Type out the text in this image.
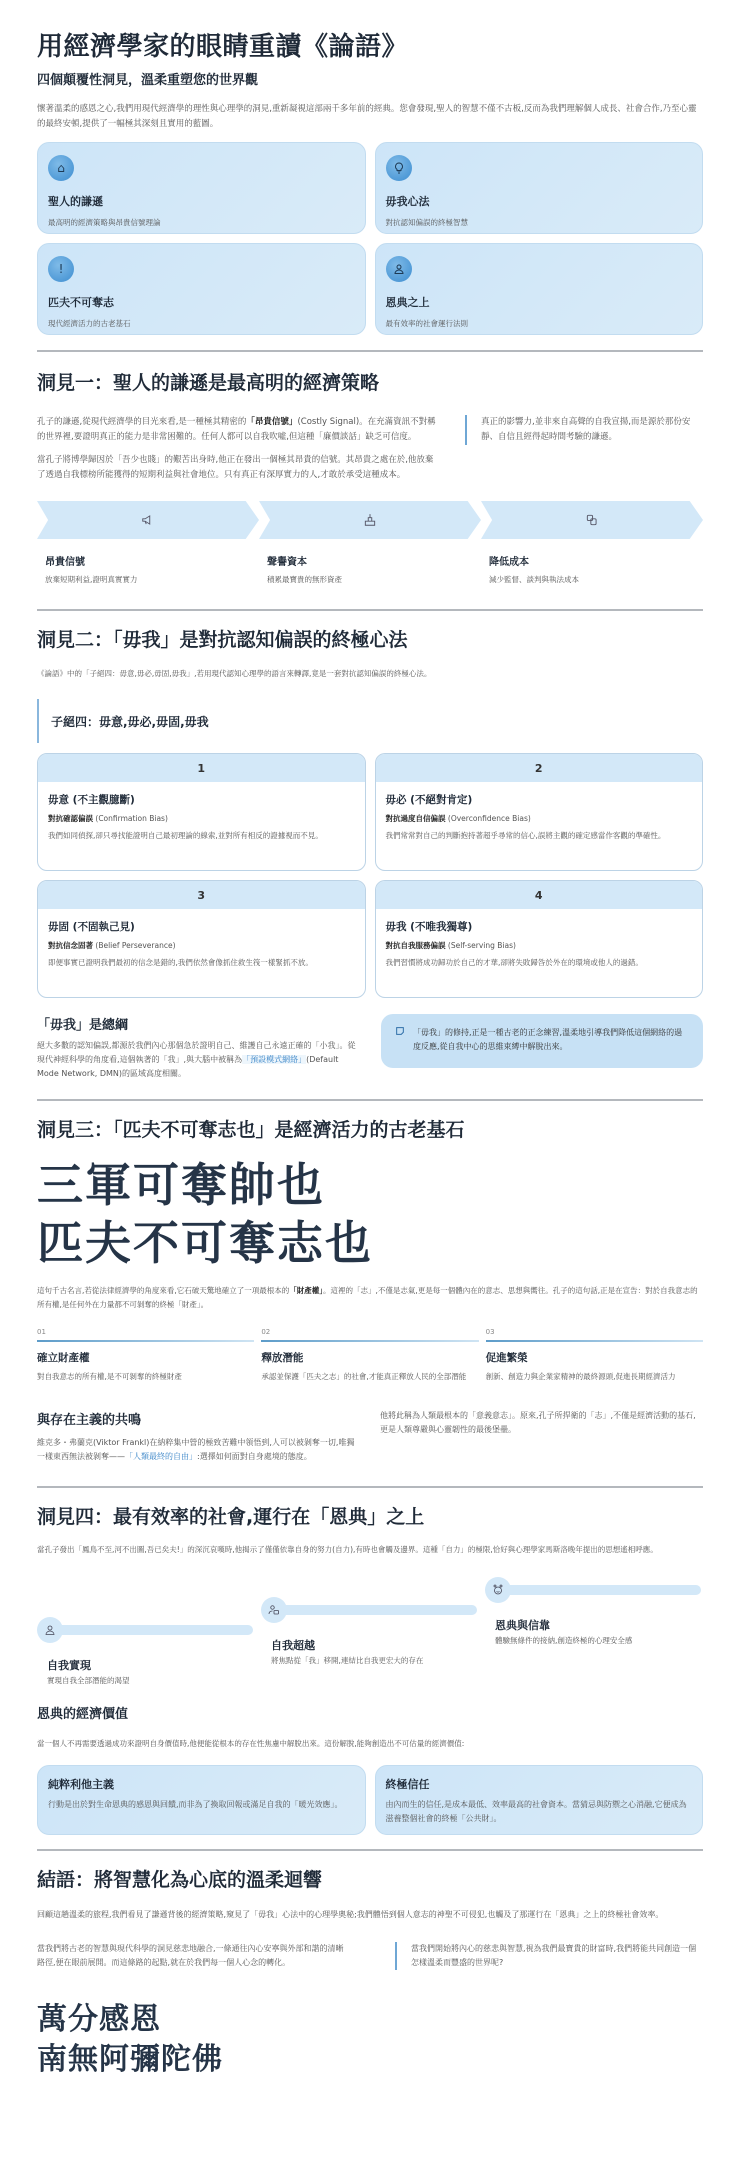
用經濟學家的眼睛重讀《論語》
四個顛覆性洞見，溫柔重塑您的世界觀

懷著溫柔的感恩之心,我們用現代經濟學的理性與心理學的洞見,重新凝視這部兩千多年前的經典。您會發現,聖人的智慧不僅不古板,反而為我們理解個人成長、社會合作,乃至心靈的最終安頓,提供了一幅極其深刻且實用的藍圖。

⌂
聖人的謙遜
最高明的經濟策略與昂貴信號理論
毋我心法
對抗認知偏誤的終極智慧
!
匹夫不可奪志
現代經濟活力的古老基石
恩典之上
最有效率的社會運行法則
洞見一：聖人的謙遜是最高明的經濟策略

孔子的謙遜,從現代經濟學的目光來看,是一種極其精密的「昂貴信號」(Costly Signal)。在充滿資訊不對稱的世界裡,要證明真正的能力是非常困難的。任何人都可以自我吹噓,但這種「廉價談話」缺乏可信度。

當孔子將博學歸因於「吾少也賤」的艱苦出身時,他正在發出一個極其昂貴的信號。其昂貴之處在於,他放棄了透過自我標榜所能獲得的短期利益與社會地位。只有真正有深厚實力的人,才敢於承受這種成本。

真正的影響力,並非來自高聲的自我宣揚,而是源於那份安靜、自信且經得起時間考驗的謙遜。
昂貴信號
放棄短期利益,證明真實實力
聲譽資本
積累最寶貴的無形資產
降低成本
減少監督、談判與執法成本
洞見二：「毋我」是對抗認知偏誤的終極心法

《論語》中的「子絕四：毋意,毋必,毋固,毋我」,若用現代認知心理學的語言來轉譯,竟是一套對抗認知偏誤的終極心法。

子絕四：毋意,毋必,毋固,毋我
1
毋意 (不主觀臆斷)
對抗確認偏誤 (Confirmation Bias)
我們如同偵探,卻只尋找能證明自己最初理論的線索,並對所有相反的證據視而不見。
2
毋必 (不絕對肯定)
對抗過度自信偏誤 (Overconfidence Bias)
我們常常對自己的判斷抱持著超乎尋常的信心,誤將主觀的確定感當作客觀的準確性。
3
毋固 (不固執己見)
對抗信念固著 (Belief Perseverance)
即便事實已證明我們最初的信念是錯的,我們依然會像抓住救生筏一樣緊抓不放。
4
毋我 (不唯我獨尊)
對抗自我服務偏誤 (Self-serving Bias)
我們習慣將成功歸功於自己的才華,卻將失敗歸咎於外在的環境或他人的過錯。
「毋我」是總綱

絕大多數的認知偏誤,都源於我們內心那個急於證明自己、維護自己永遠正確的「小我」。從現代神經科學的角度看,這個執著的「我」,與大腦中被稱為「預設模式網絡」(Default Mode Network, DMN)的區域高度相關。

「毋我」的修持,正是一種古老的正念練習,溫柔地引導我們降低這個網絡的過度反應,從自我中心的思維束縛中解脫出來。
洞見三：「匹夫不可奪志也」是經濟活力的古老基石
三軍可奪帥也
匹夫不可奪志也

這句千古名言,若從法律經濟學的角度來看,它石破天驚地確立了一項最根本的「財產權」。這裡的「志」,不僅是志氣,更是每一個體內在的意志、思想與嚮往。孔子的這句話,正是在宣告：對於自我意志的所有權,是任何外在力量都不可剝奪的終極「財產」。

01
確立財產權
對自我意志的所有權,是不可剝奪的終極財產
02
釋放潛能
承認並保護「匹夫之志」的社會,才能真正釋放人民的全部潛能
03
促進繁榮
創新、創造力與企業家精神的最終源頭,促進長期經濟活力
與存在主義的共鳴

維克多・弗蘭克(Viktor Frankl)在納粹集中營的極致苦難中領悟到,人可以被剝奪一切,唯獨一樣東西無法被剝奪——「人類最終的自由」:選擇如何面對自身處境的態度。

他將此稱為人類最根本的「意義意志」。原來,孔子所捍衛的「志」,不僅是經濟活動的基石,更是人類尊嚴與心靈韌性的最後堡壘。

洞見四：最有效率的社會,運行在「恩典」之上

當孔子發出「鳳鳥不至,河不出圖,吾已矣夫!」的深沉哀嘆時,他揭示了僅僅依靠自身的努力(自力),有時也會觸及邊界。這種「自力」的極限,恰好與心理學家馬斯洛晚年提出的思想遙相呼應。

自我實現
實現自我全部潛能的渴望
自我超越
將焦點從「我」移開,連結比自我更宏大的存在
恩典與信靠
體驗無條件的接納,創造終極的心理安全感
恩典的經濟價值

當一個人不再需要透過成功來證明自身價值時,他便能從根本的存在性焦慮中解脫出來。這份解脫,能夠創造出不可估量的經濟價值:

純粹利他主義
行動是出於對生命恩典的感恩與回饋,而非為了換取回報或滿足自我的「暖光效應」。
終極信任
由內而生的信任,是成本最低、效率最高的社會資本。當猜忌與防禦之心消融,它便成為滋養整個社會的終極「公共財」。
結語：將智慧化為心底的溫柔迴響

回顧這趟溫柔的旅程,我們看見了謙遜背後的經濟策略,窺見了「毋我」心法中的心理學奧秘;我們體悟到個人意志的神聖不可侵犯,也觸及了那運行在「恩典」之上的終極社會效率。

當我們將古老的智慧與現代科學的洞見慈悲地融合,一條通往內心安寧與外部和諧的清晰路徑,便在眼前展開。而這條路的起點,就在於我們每一個人心念的轉化。

當我們開始將內心的慈悲與智慧,視為我們最寶貴的財富時,我們將能共同創造一個怎樣溫柔而豐盛的世界呢?
萬分感恩
南無阿彌陀佛
